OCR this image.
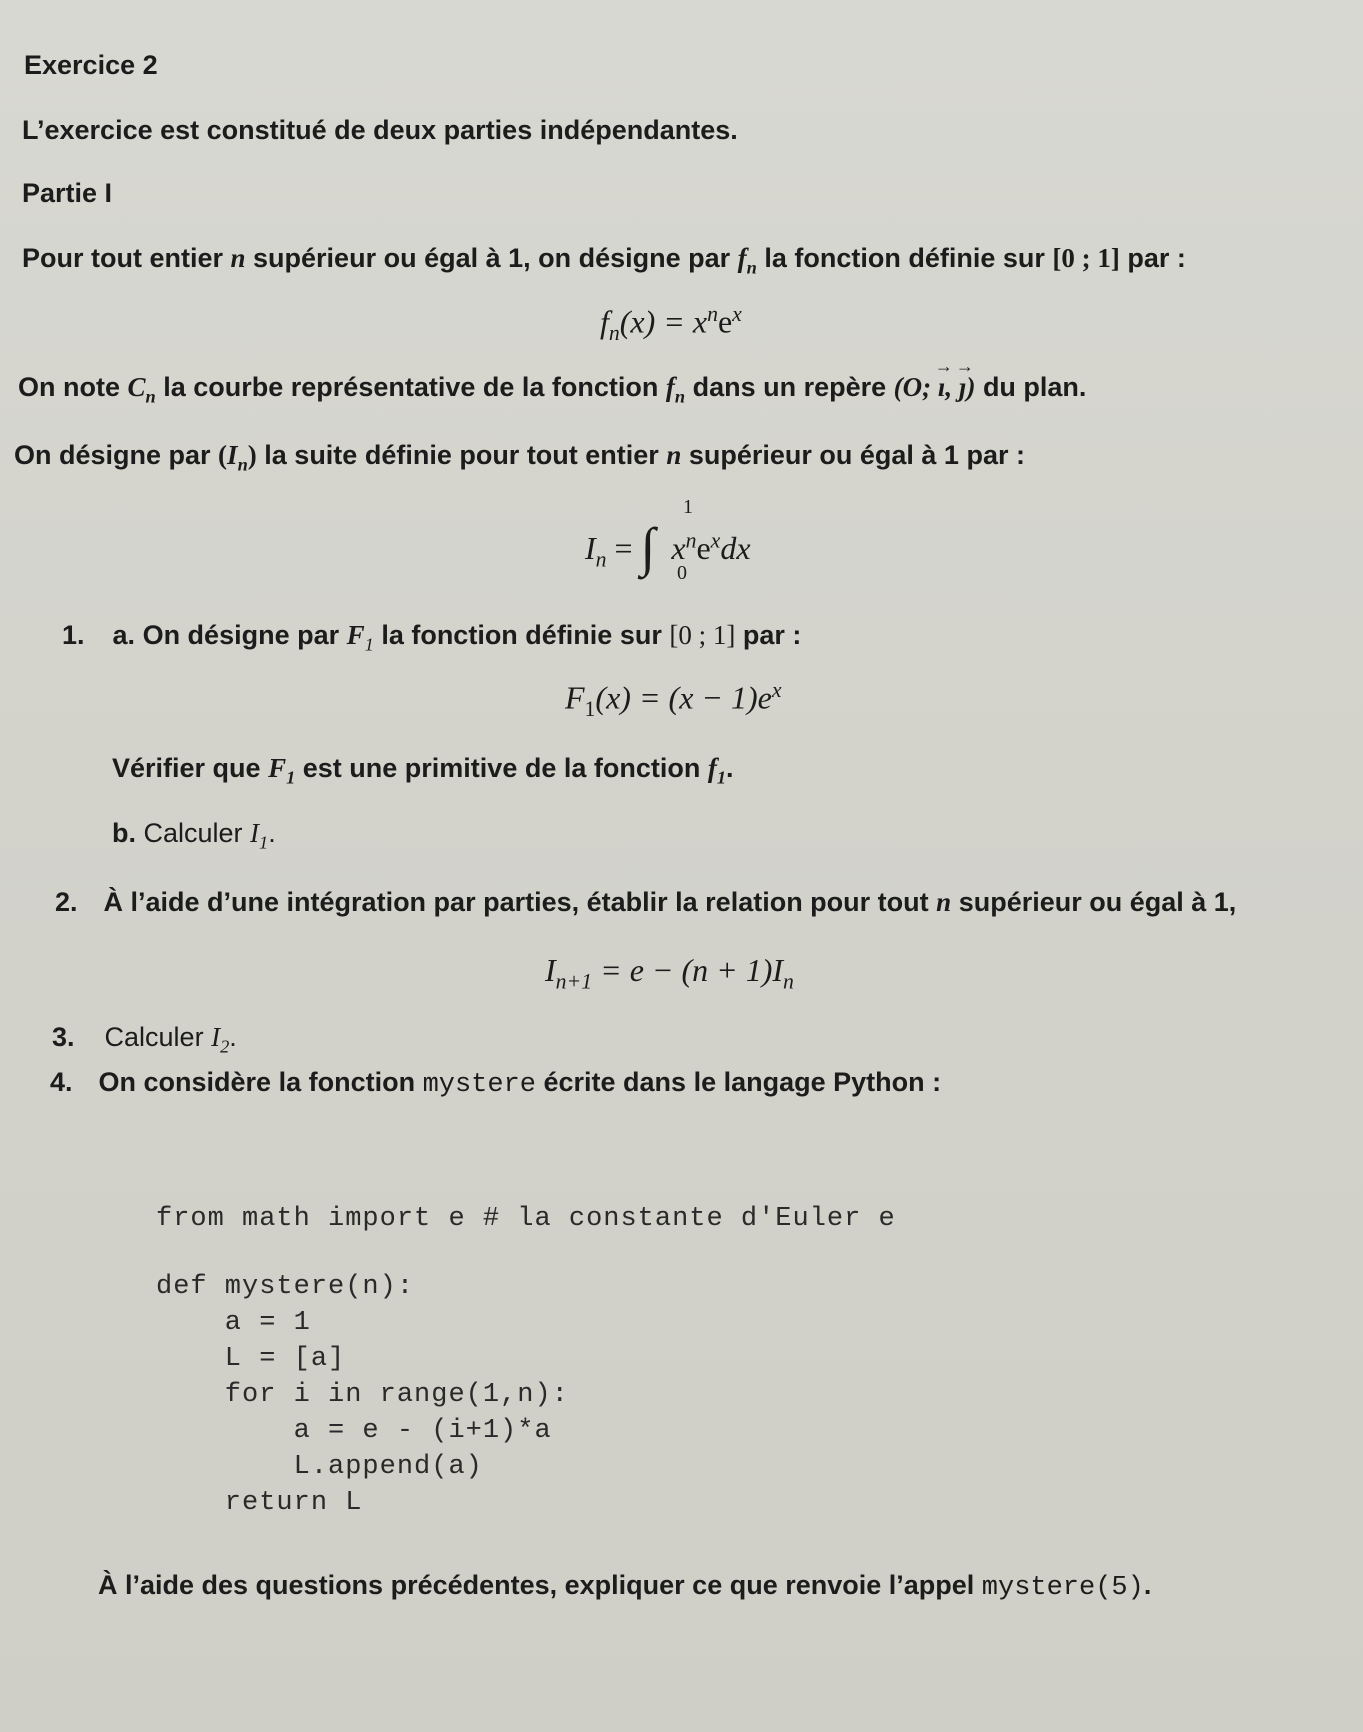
Exercice 2
L’exercice est constitué de deux parties indépendantes.
Partie I
Pour tout entier n supérieur ou égal à 1, on désigne par $f_n$ la fonction définie sur [0 ; 1] par :
$f_n(x) = x^ne^x$
On note $C_n$ la courbe représentative de la fonction $f_n$ dans un repère (O; → ı, → ȷ) du plan.
On désigne par $(I_n)$ la suite définie pour tout entier n supérieur ou égal à 1 par :
$I_n$ = ∫
1
0
$x^ne^xdx$
1. a. On désigne par $F_1$ la fonction définie sur [0 ; 1] par :
$F_1(x) = (x - 1)e^x$
Vérifier que $F_1$ est une primitive de la fonction $f_1$.
b. Calculer $I_1$.
2. À l’aide d’une intégration par parties, établir la relation pour tout n supérieur ou égal à 1,
$I_{n+1} = e - (n + 1)I_n$
3. Calculer $I_2$.
4. On considère la fonction mystere écrite dans le langage Python :
from math import e # la constante d'Euler e
def mystere(n):
a = 1
L = [a]
for i in range(1,n):
a = e - (i+1)*a
L.append(a)
return L
À l’aide des questions précédentes, expliquer ce que renvoie l’appel mystere(5).
